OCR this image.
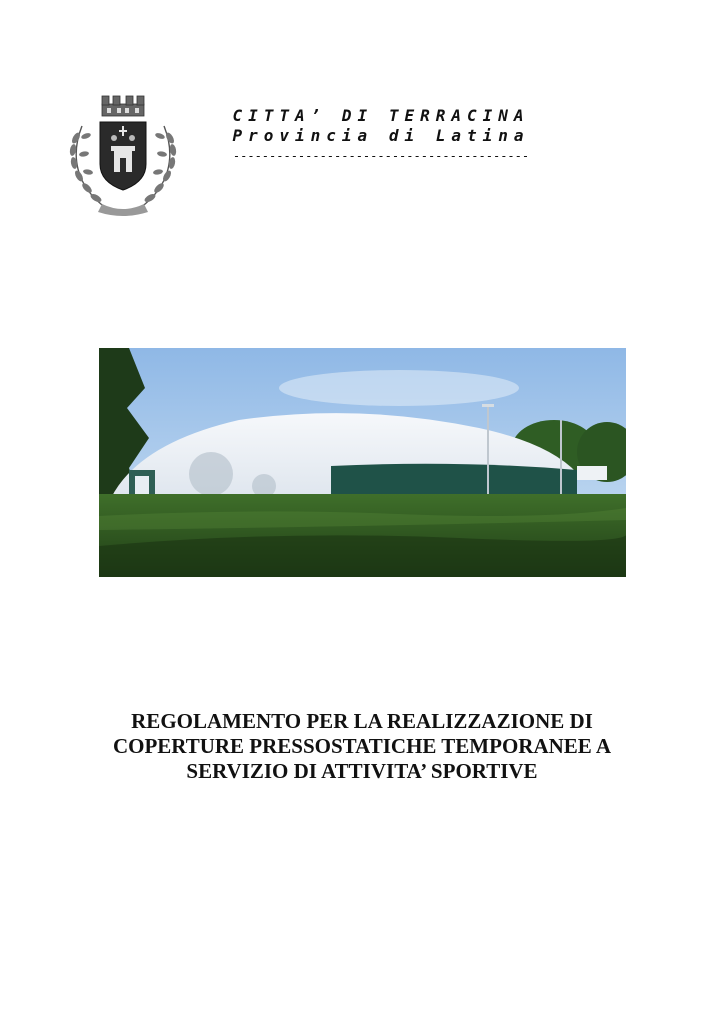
CITTA’ DI TERRACINA
Provincia di Latina
-----------------------------------------
REGOLAMENTO PER LA REALIZZAZIONE DI
COPERTURE PRESSOSTATICHE TEMPORANEE A
SERVIZIO DI ATTIVITA’ SPORTIVE
